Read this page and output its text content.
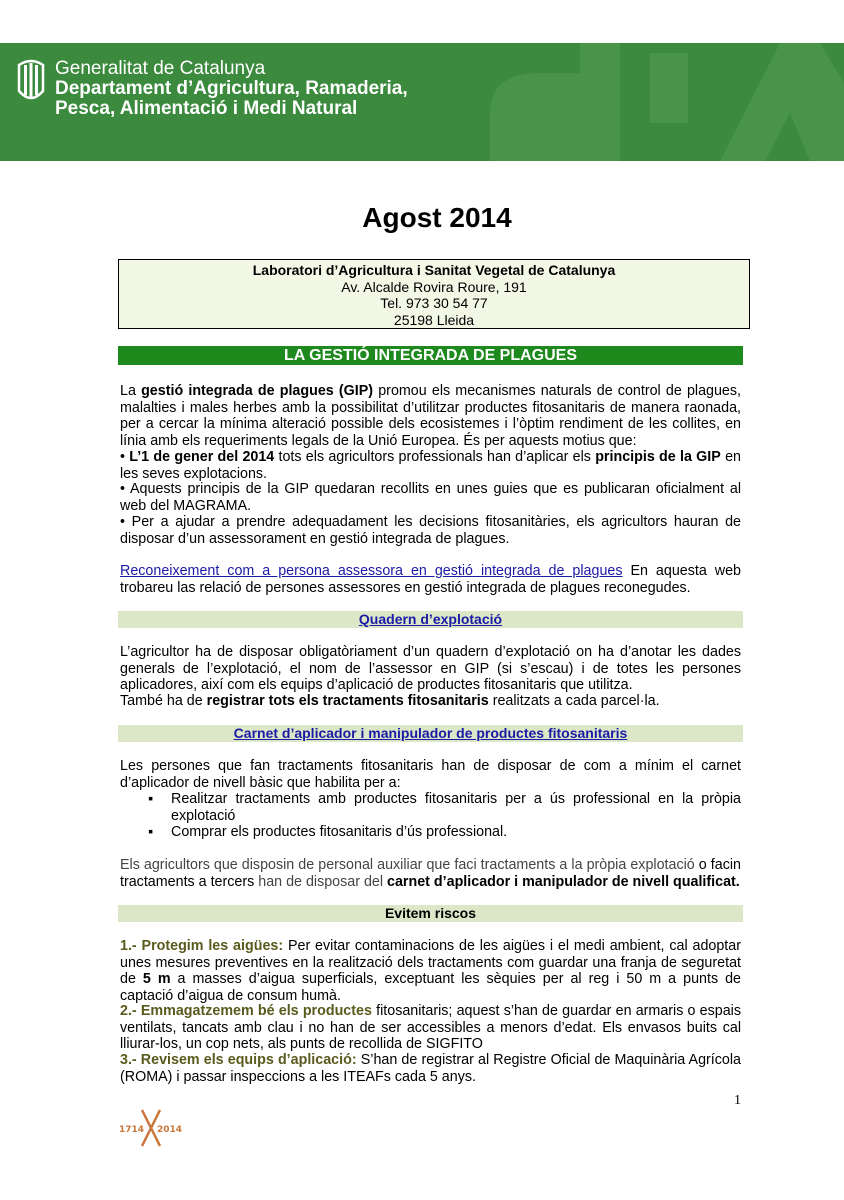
Generalitat de Catalunya
Departament d’Agricultura, Ramaderia,
Pesca, Alimentació i Medi Natural
Agost 2014
Laboratori d’Agricultura i Sanitat Vegetal de Catalunya
Av. Alcalde Rovira Roure, 191
Tel. 973 30 54 77
25198 Lleida
LA GESTIÓ INTEGRADA DE PLAGUES
La gestió integrada de plagues (GIP) promou els mecanismes naturals de control de plagues, malalties i males herbes amb la possibilitat d’utilitzar productes fitosanitaris de manera raonada, per a cercar la mínima alteració possible dels ecosistemes i l’òptim rendiment de les collites, en línia amb els requeriments legals de la Unió Europea. És per aquests motius que:
• L’1 de gener del 2014 tots els agricultors professionals han d’aplicar els principis de la GIP en les seves explotacions.
• Aquests principis de la GIP quedaran recollits en unes guies que es publicaran oficialment al web del MAGRAMA.
• Per a ajudar a prendre adequadament les decisions fitosanitàries, els agricultors hauran de disposar d’un assessorament en gestió integrada de plagues.
Reconeixement com a persona assessora en gestió integrada de plagues En aquesta web trobareu las relació de persones assessores en gestió integrada de plagues reconegudes.
Quadern d’explotació
L’agricultor ha de disposar obligatòriament d’un quadern d’explotació on ha d’anotar les dades generals de l’explotació, el nom de l’assessor en GIP (si s’escau) i de totes les persones aplicadores, així com els equips d’aplicació de productes fitosanitaris que utilitza.
També ha de registrar tots els tractaments fitosanitaris realitzats a cada parcel·la.
Carnet d’aplicador i manipulador de productes fitosanitaris
Les persones que fan tractaments fitosanitaris han de disposar de com a mínim el carnet d’aplicador de nivell bàsic que habilita per a:
▪ Realitzar tractaments amb productes fitosanitaris per a ús professional en la pròpia explotació
▪ Comprar els productes fitosanitaris d’ús professional.
Els agricultors que disposin de personal auxiliar que faci tractaments a la pròpia explotació o facin tractaments a tercers han de disposar del carnet d’aplicador i manipulador de nivell qualificat.
Evitem riscos
1.- Protegim les aigües: Per evitar contaminacions de les aigües i el medi ambient, cal adoptar unes mesures preventives en la realització dels tractaments com guardar una franja de seguretat de 5 m a masses d’aigua superficials, exceptuant les sèquies per al reg i 50 m a punts de captació d’aigua de consum humà.
2.- Emmagatzemem bé els productes fitosanitaris; aquest s’han de guardar en armaris o espais ventilats, tancats amb clau i no han de ser accessibles a menors d’edat. Els envasos buits cal lliurar-los, un cop nets, als punts de recollida de SIGFITO
3.- Revisem els equips d’aplicació: S’han de registrar al Registre Oficial de Maquinària Agrícola (ROMA) i passar inspeccions a les ITEAFs cada 5 anys.
1
1714 2014
